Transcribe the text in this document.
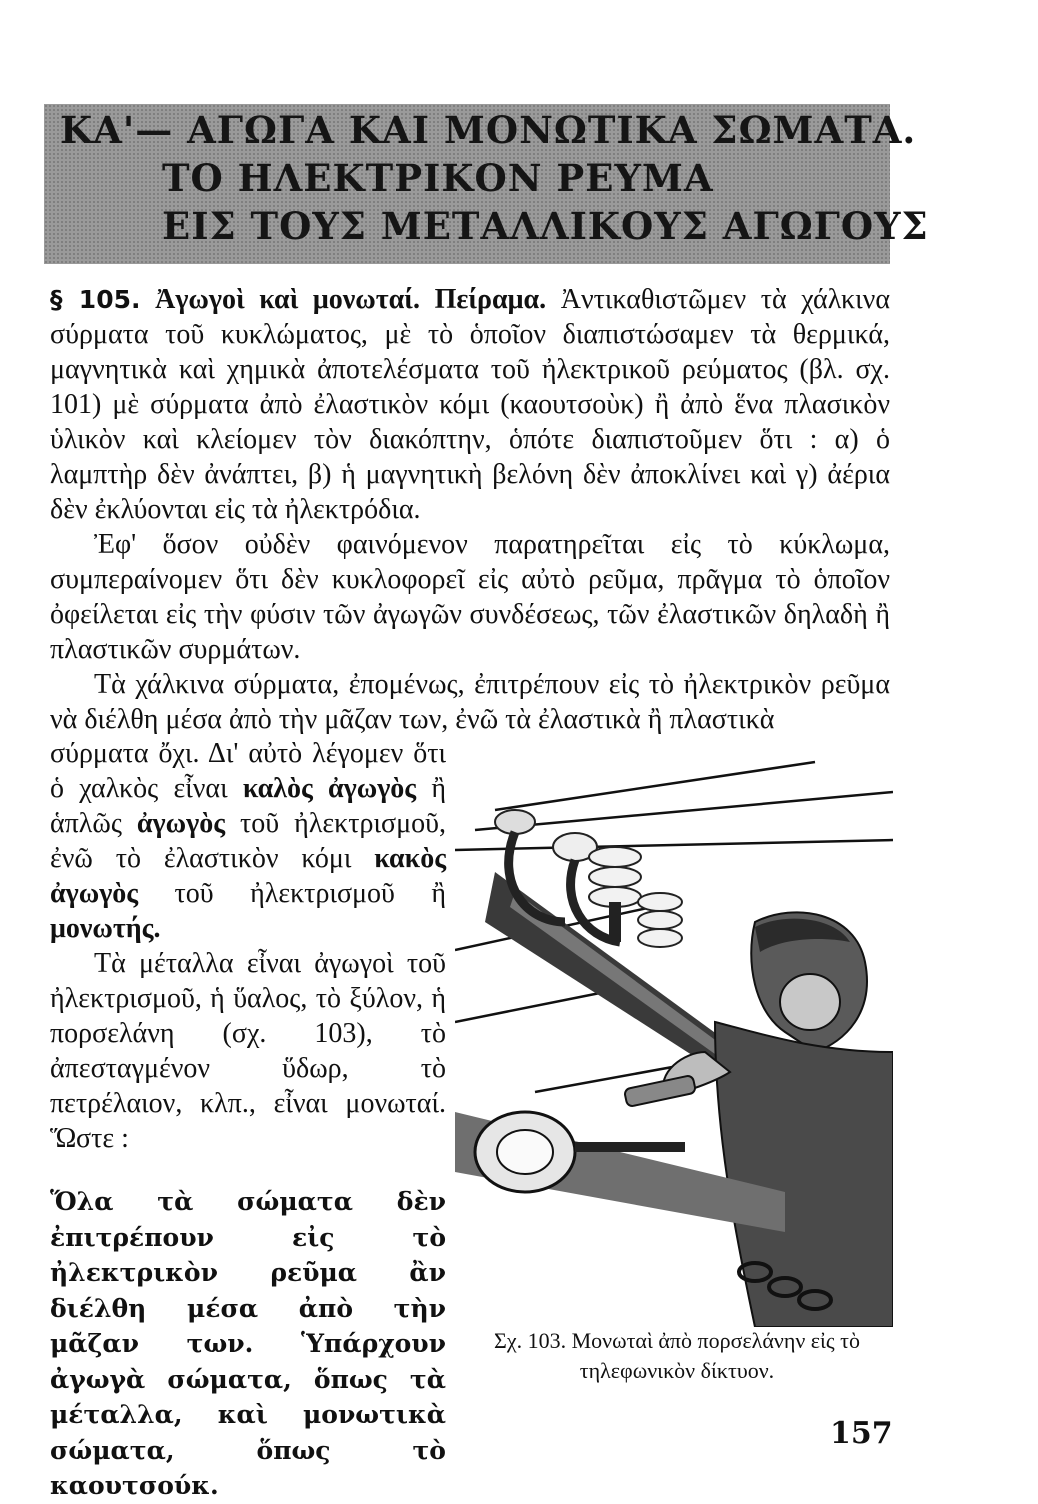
ΚΑ'— ΑΓΩΓΑ ΚΑΙ ΜΟΝΩΤΙΚΑ ΣΩΜΑΤΑ.
ΤΟ ΗΛΕΚΤΡΙΚΟΝ ΡΕΥΜΑ
ΕΙΣ ΤΟΥΣ ΜΕΤΑΛΛΙΚΟΥΣ ΑΓΩΓΟΥΣ

§ 105. Ἀγωγοὶ καὶ μονωταί. Πείραμα. Ἀντικαθιστῶμεν τὰ χάλκινα σύρματα τοῦ κυκλώματος, μὲ τὸ ὁποῖον διαπιστώσαμεν τὰ θερμικά, μαγνητικὰ καὶ χημικὰ ἀποτελέσματα τοῦ ἠλεκτρικοῦ ρεύματος (βλ. σχ. 101) μὲ σύρματα ἀπὸ ἐλαστικὸν κόμι (καουτσοὺκ) ἢ ἀπὸ ἕνα πλασικὸν ὑλικὸν καὶ κλείομεν τὸν διακόπτην, ὁπότε διαπιστοῦμεν ὅτι : α) ὁ λαμπτὴρ δὲν ἀνάπτει, β) ἡ μαγνητικὴ βελόνη δὲν ἀποκλίνει καὶ γ) ἀέρια δὲν ἐκλύονται εἰς τὰ ἠλεκτρόδια.

Ἐφ' ὅσον οὐδὲν φαινόμενον παρατηρεῖται εἰς τὸ κύκλωμα, συμπεραίνομεν ὅτι δὲν κυκλοφορεῖ εἰς αὐτὸ ρεῦμα, πρᾶγμα τὸ ὁποῖον ὀφείλεται εἰς τὴν φύσιν τῶν ἀγωγῶν συνδέσεως, τῶν ἐλαστικῶν δηλαδὴ ἢ πλαστικῶν συρμάτων.

Τὰ χάλκινα σύρματα, ἐπομένως, ἐπιτρέπουν εἰς τὸ ἠλεκτρικὸν ρεῦμα νὰ διέλθη μέσα ἀπὸ τὴν μᾶζαν των, ἐνῶ τὰ ἐλαστικὰ ἢ πλαστικὰ

σύρματα ὄχι. Δι' αὐτὸ λέγομεν ὅτι ὁ χαλκὸς εἶναι καλὸς ἀγωγὸς ἢ ἁπλῶς ἀγωγὸς τοῦ ἠλεκτρισμοῦ, ἐνῶ τὸ ἐλαστικὸν κόμι κακὸς ἀγωγὸς τοῦ ἠλεκτρισμοῦ ἢ μονωτής.

Τὰ μέταλλα εἶναι ἀγωγοὶ τοῦ ἠλεκτρισμοῦ, ἡ ὕαλος, τὸ ξύλον, ἡ πορσελάνη (σχ. 103), τὸ ἀπεσταγμένον ὕδωρ, τὸ πετρέλαιον, κλπ., εἶναι μονωταί. Ὥστε :

Ὅλα τὰ σώματα δὲν ἐπιτρέπουν εἰς τὸ ἠλεκτρικὸν ρεῦμα ἂν διέλθη μέσα ἀπὸ τὴν μᾶζαν των. Ὑπάρχουν ἀγωγὰ σώματα, ὅπως τὰ μέταλλα, καὶ μονωτικὰ σώματα, ὅπως τὸ καουτσούκ.
Σχ. 103. Μονωταὶ ἀπὸ πορσελάνην εἰς τὸ τηλεφωνικὸν δίκτυον.
157
